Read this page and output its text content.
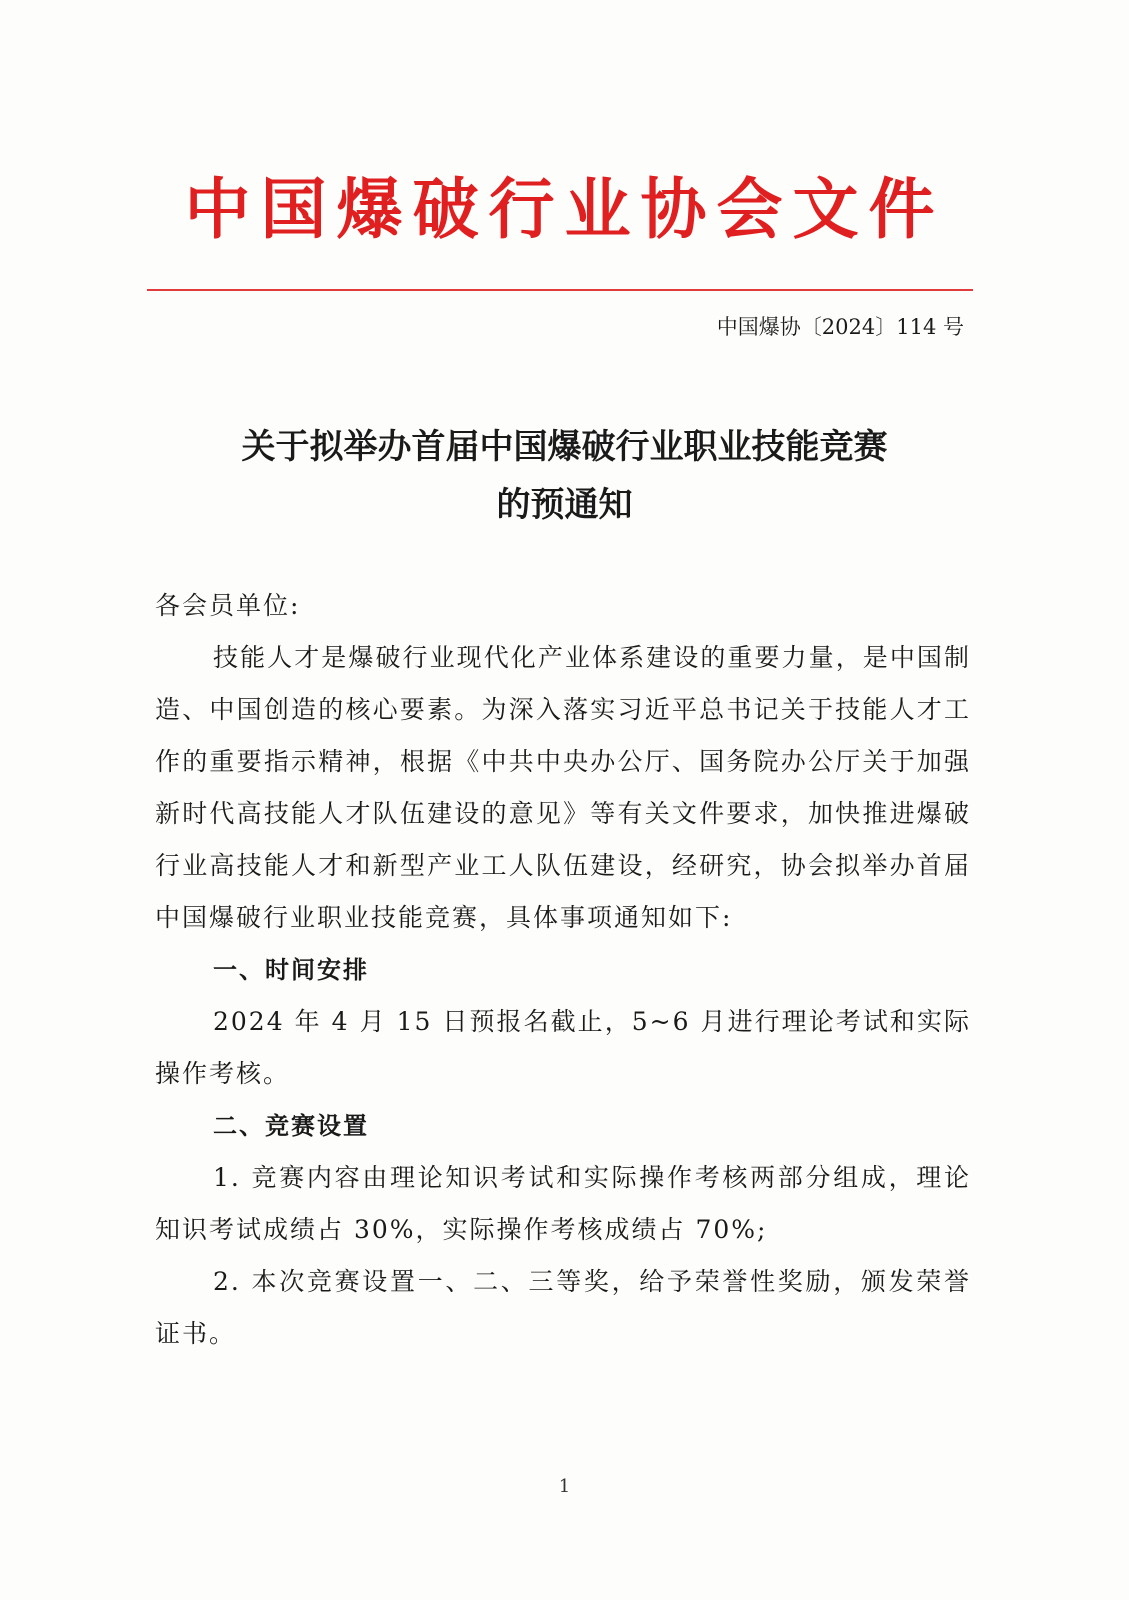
中国爆破行业协会文件
中国爆协〔2024〕114 号
关于拟举办首届中国爆破行业职业技能竞赛
的预通知

各会员单位:

技能人才是爆破行业现代化产业体系建设的重要力量，是中国制造、中国创造的核心要素。为深入落实习近平总书记关于技能人才工作的重要指示精神，根据《中共中央办公厅、国务院办公厅关于加强新时代高技能人才队伍建设的意见》等有关文件要求，加快推进爆破行业高技能人才和新型产业工人队伍建设，经研究，协会拟举办首届中国爆破行业职业技能竞赛，具体事项通知如下:

一、时间安排

2024 年 4 月 15 日预报名截止，5~6 月进行理论考试和实际操作考核。

二、竞赛设置

1. 竞赛内容由理论知识考试和实际操作考核两部分组成，理论知识考试成绩占 30%，实际操作考核成绩占 70%;

2. 本次竞赛设置一、二、三等奖，给予荣誉性奖励，颁发荣誉证书。

1
